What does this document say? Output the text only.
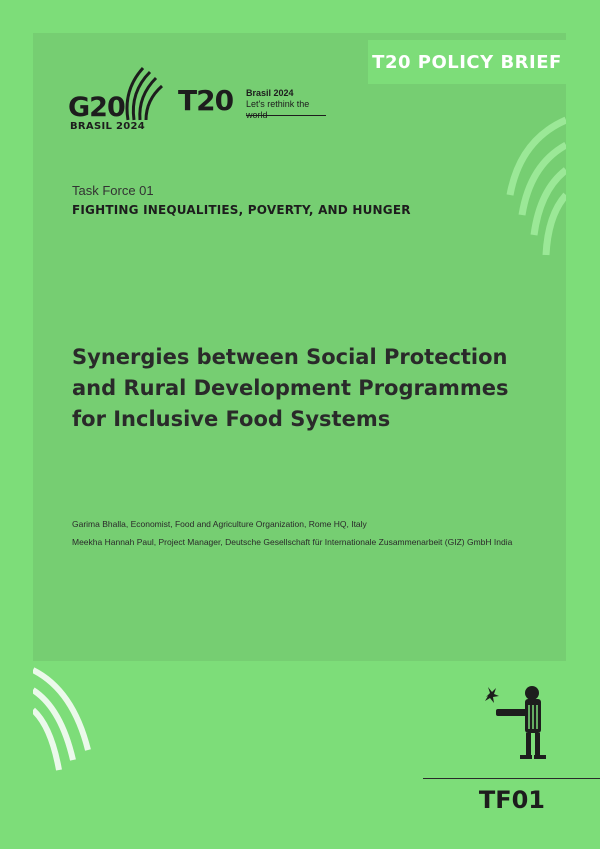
T20 POLICY BRIEF
G20
BRASIL 2024
T20 Brasil 2024
Let's rethink the world
Task Force 01
FIGHTING INEQUALITIES, POVERTY, AND HUNGER
Synergies between Social Protection
and Rural Development Programmes
for Inclusive Food Systems
Garima Bhalla, Economist, Food and Agriculture Organization, Rome HQ, Italy
Meekha Hannah Paul, Project Manager, Deutsche Gesellschaft für Internationale Zusammenarbeit (GIZ) GmbH India
TF01
